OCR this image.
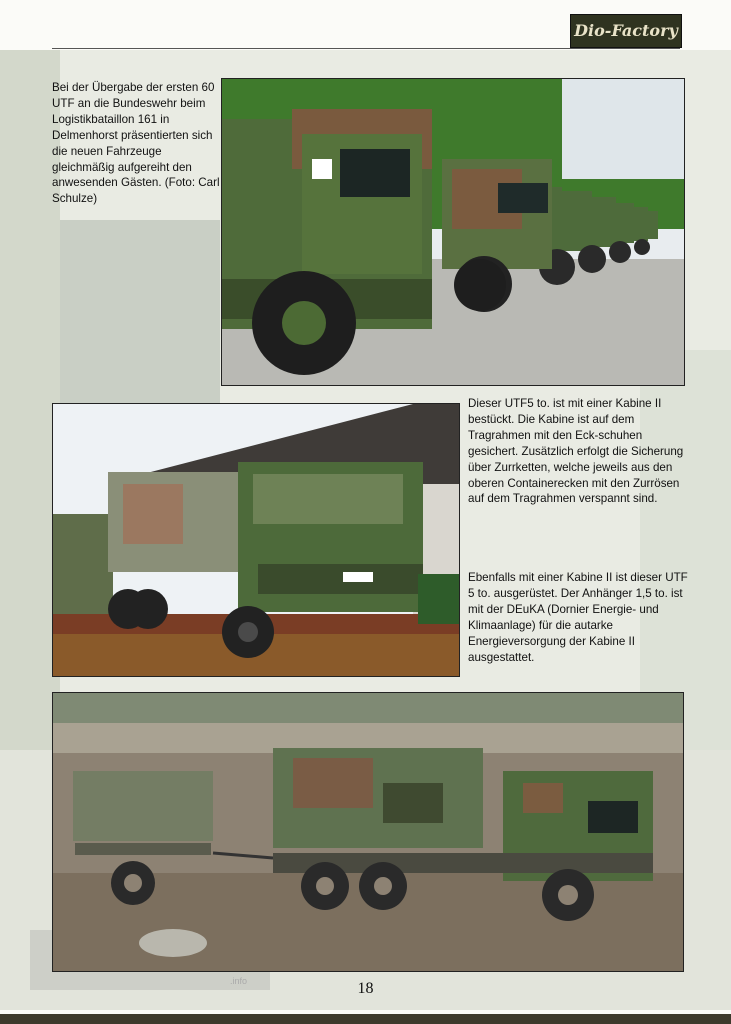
Dio-Factory
Bei der Übergabe der ersten 60 UTF an die Bundeswehr beim Logistikbataillon 161 in Delmenhorst präsentierten sich die neuen Fahrzeuge gleichmäßig aufgereiht den anwesenden Gästen. (Foto: Carl Schulze)
Dieser UTF5 to. ist mit einer Kabine II bestückt. Die Kabine ist auf dem Tragrahmen mit den Eck-schuhen gesichert. Zusätzlich erfolgt die Sicherung über Zurrketten, welche jeweils aus den oberen Containerecken mit den Zurrösen auf dem Tragrahmen verspannt sind.
Ebenfalls mit einer Kabine II ist dieser UTF 5 to. ausgerüstet. Der Anhänger 1,5 to. ist mit der DEuKA (Dornier Energie- und Klimaanlage) für die autarke Energieversorgung der Kabine II ausgestattet.
.info	18
